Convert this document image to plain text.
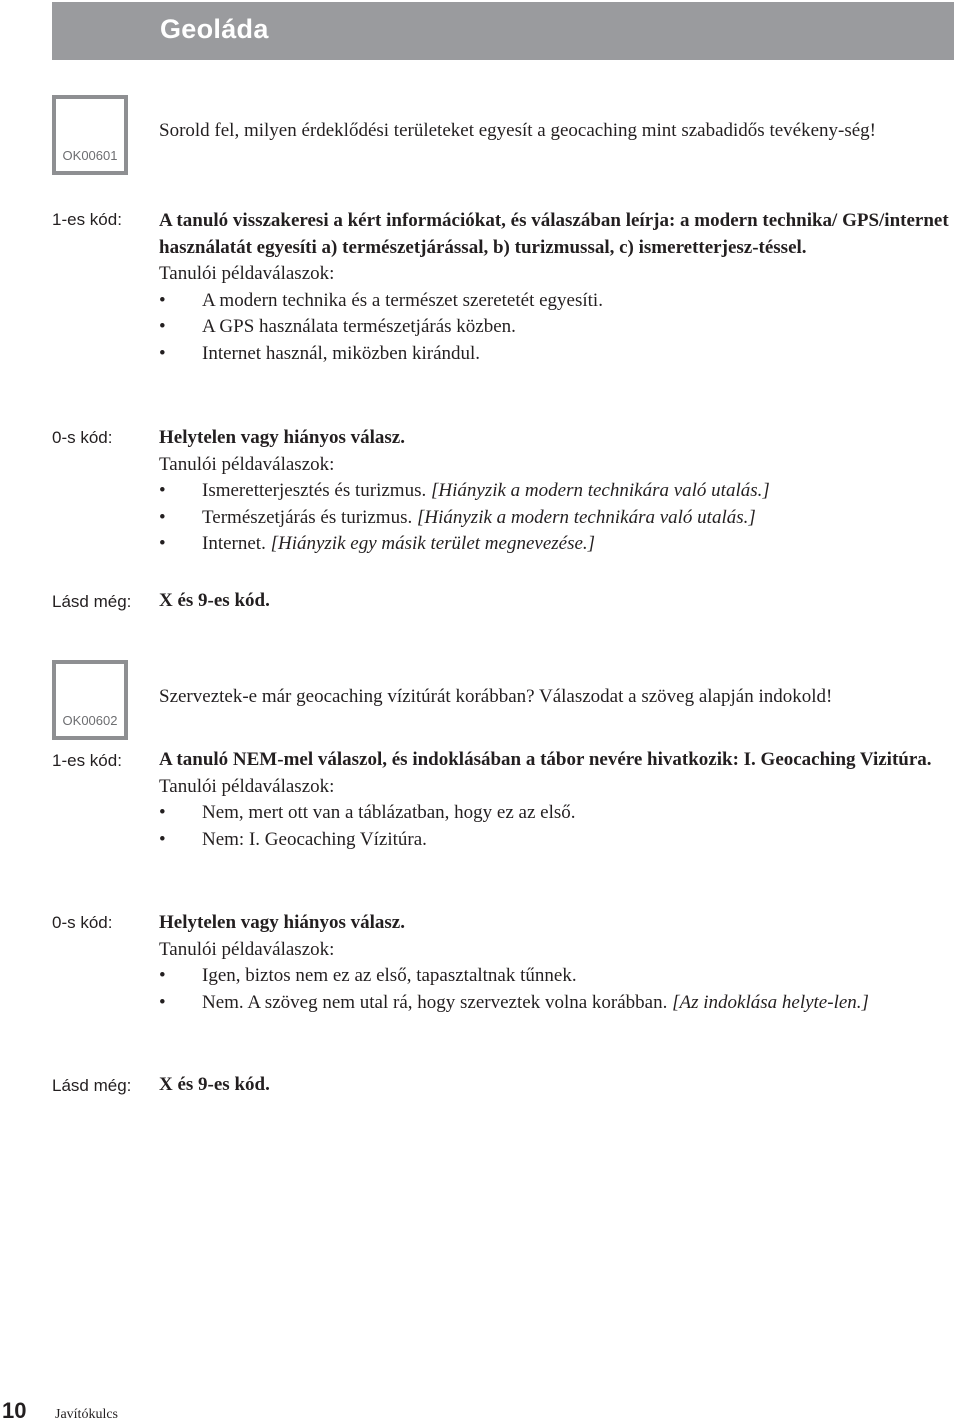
Geoláda
OK00601

Sorold fel, milyen érdeklődési területeket egyesít a geocaching mint szabadidős tevékeny-ség!

1-es kód: A tanuló visszakeresi a kért információkat, és válaszában leírja: a modern technika/ GPS/internet használatát egyesíti a) természetjárással, b) turizmussal, c) ismeretterjesz-téssel.

Tanulói példaválaszok:

• A modern technika és a természet szeretetét egyesíti.
• A GPS használata természetjárás közben.
• Internet használ, miközben kirándul.
0-s kód: Helytelen vagy hiányos válasz.

Tanulói példaválaszok:

• Ismeretterjesztés és turizmus. [Hiányzik a modern technikára való utalás.]
• Természetjárás és turizmus. [Hiányzik a modern technikára való utalás.]
• Internet. [Hiányzik egy másik terület megnevezése.]
Lásd még: X és 9-es kód.
OK00602

Szerveztek-e már geocaching vízitúrát korábban? Válaszodat a szöveg alapján indokold!

1-es kód: A tanuló NEM-mel válaszol, és indoklásában a tábor nevére hivatkozik: I. Geocaching Vizitúra.

Tanulói példaválaszok:

• Nem, mert ott van a táblázatban, hogy ez az első.
• Nem: I. Geocaching Vízitúra.
0-s kód: Helytelen vagy hiányos válasz.

Tanulói példaválaszok:

• Igen, biztos nem ez az első, tapasztaltnak tűnnek.
• Nem. A szöveg nem utal rá, hogy szerveztek volna korábban. [Az indoklása helyte-len.]
Lásd még: X és 9-es kód.
10 Javítókulcs
